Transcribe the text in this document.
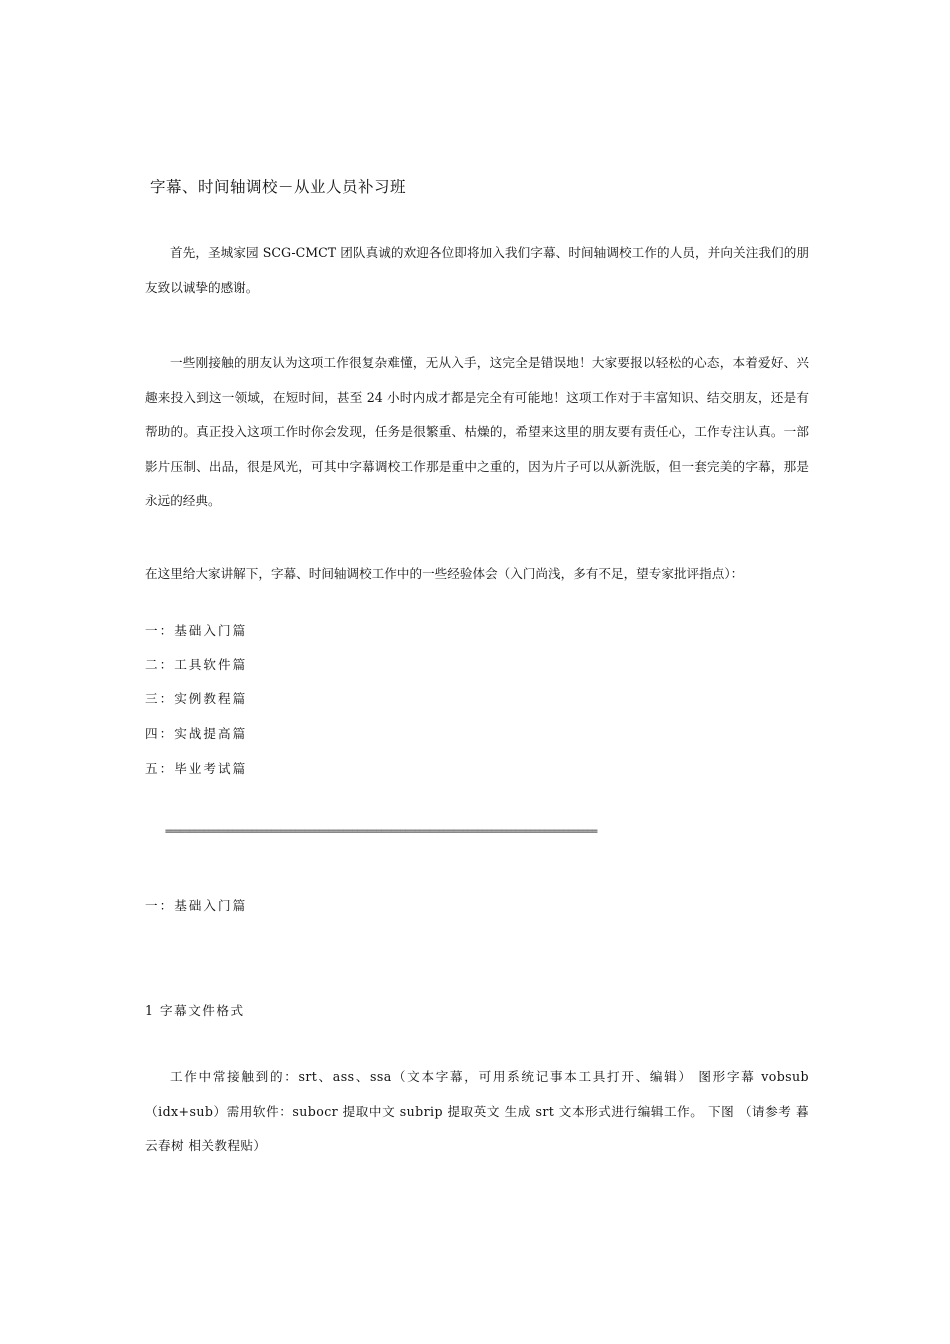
字幕、时间轴调校－从业人员补习班

首先，圣城家园 SCG-CMCT 团队真诚的欢迎各位即将加入我们字幕、时间轴调校工作的人员，并向关注我们的朋友致以诚挚的感谢。

一些刚接触的朋友认为这项工作很复杂难懂，无从入手，这完全是错误地！大家要报以轻松的心态，本着爱好、兴趣来投入到这一领域，在短时间，甚至 24 小时内成才都是完全有可能地！这项工作对于丰富知识、结交朋友，还是有帮助的。真正投入这项工作时你会发现，任务是很繁重、枯燥的，希望来这里的朋友要有责任心，工作专注认真。一部影片压制、出品，很是风光，可其中字幕调校工作那是重中之重的，因为片子可以从新洗版，但一套完美的字幕，那是永远的经典。

在这里给大家讲解下，字幕、时间轴调校工作中的一些经验体会（入门尚浅，多有不足，望专家批评指点）：
一：基础入门篇
二：工具软件篇
三：实例教程篇
四：实战提高篇
五：毕业考试篇
==========================================================================================
一：基础入门篇
1 字幕文件格式

工作中常接触到的：srt、ass、ssa（文本字幕，可用系统记事本工具打开、编辑） 图形字幕 vobsub（idx+sub）需用软件：subocr 提取中文 subrip 提取英文 生成 srt 文本形式进行编辑工作。 下图 （请参考 暮云春树 相关教程贴）
